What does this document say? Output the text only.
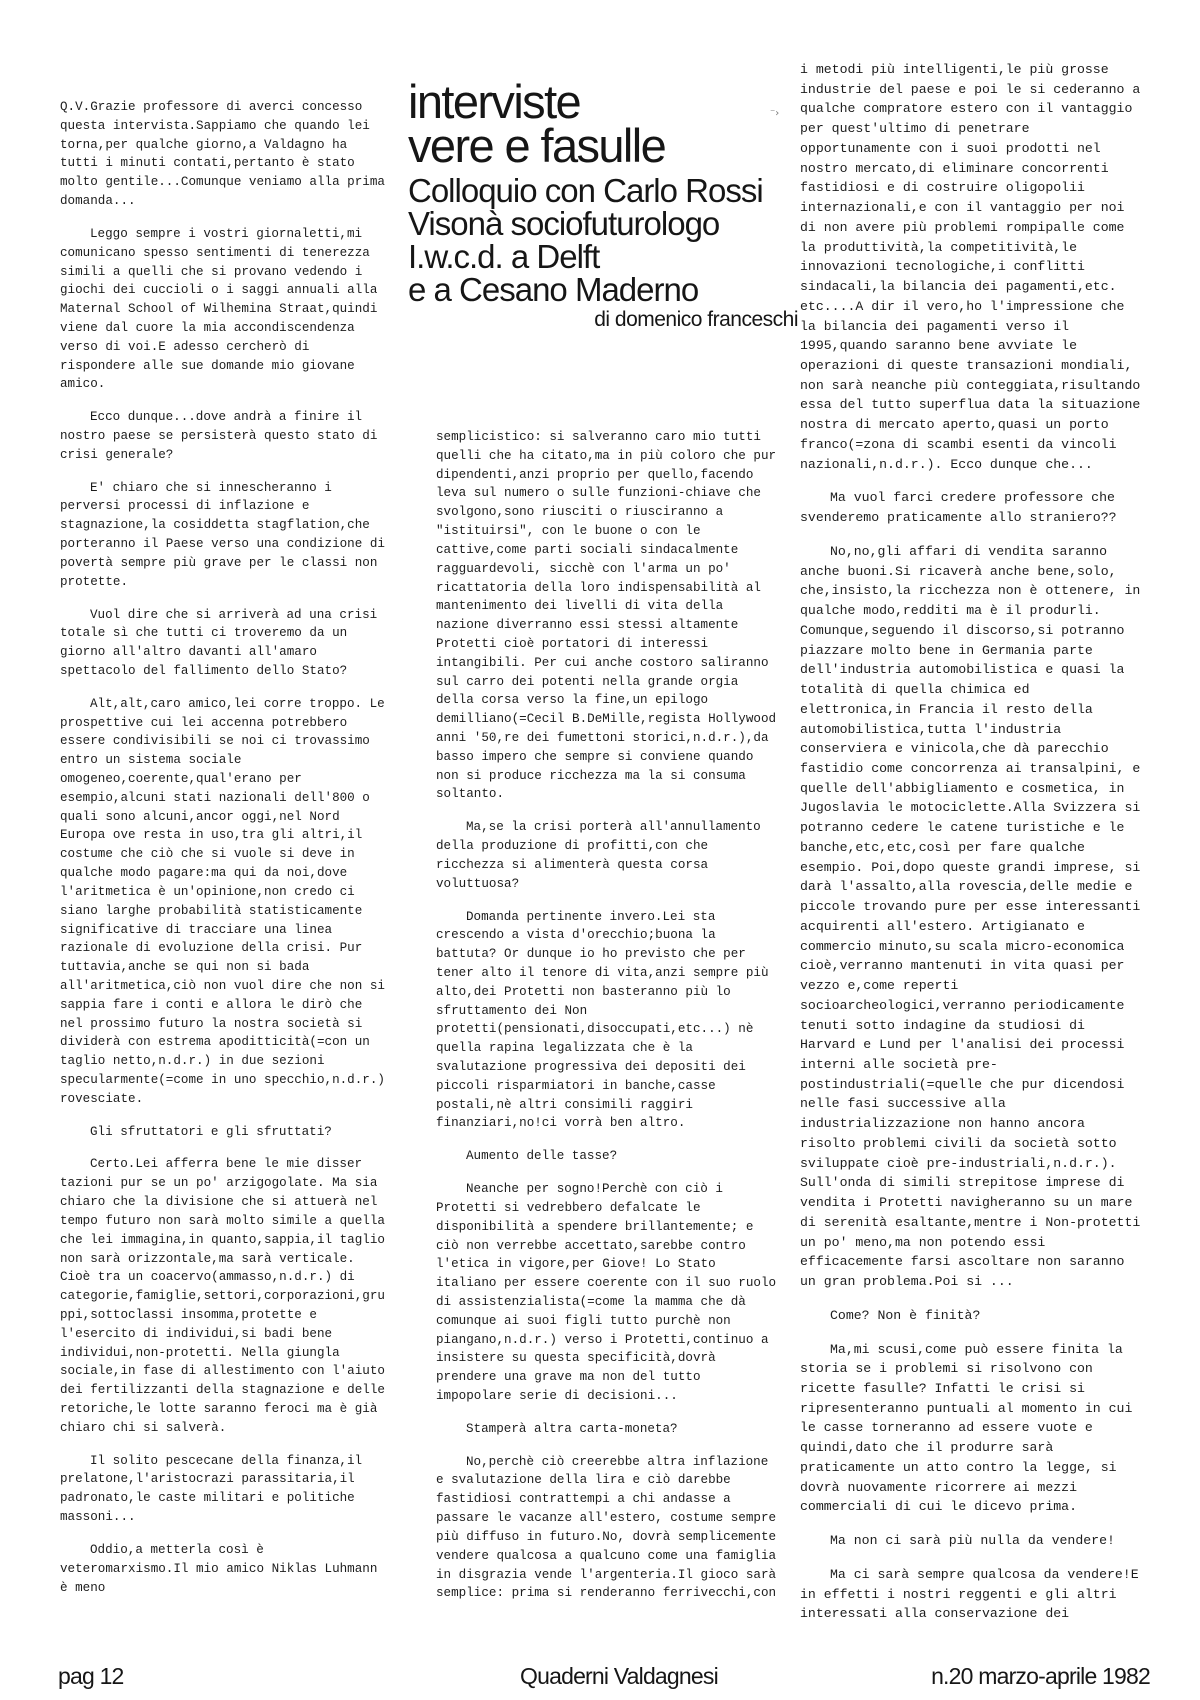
interviste
vere e fasulle
Colloquio con Carlo Rossi
Visonà sociofuturologo
I.w.c.d. a Delft
e a Cesano Maderno
⁻›
di domenico franceschi

Q.V.Grazie professore di averci concesso questa intervista.Sappiamo che quando lei torna,per qualche giorno,a Valdagno ha tutti i minuti contati,pertanto è stato molto gentile...Comunque veniamo alla prima domanda...

Leggo sempre i vostri giornaletti,mi comunicano spesso sentimenti di tenerezza simili a quelli che si provano vedendo i giochi dei cuccioli o i saggi annuali alla Maternal School of Wilhemina Straat,quindi viene dal cuore la mia accondiscendenza verso di voi.E adesso cercherò di rispondere alle sue domande mio giovane amico.

Ecco dunque...dove andrà a finire il nostro paese se persisterà questo stato di crisi generale?

E' chiaro che si innescheranno i perversi processi di inflazione e stagnazione,la cosiddetta stagflation,che porteranno il Paese verso una condizione di povertà sempre più grave per le classi non protette.

Vuol dire che si arriverà ad una crisi totale sì che tutti ci troveremo da un giorno all'altro davanti all'amaro spettacolo del fallimento dello Stato?

Alt,alt,caro amico,lei corre troppo. Le prospettive cui lei accenna potrebbero essere condivisibili se noi ci trovassimo entro un sistema sociale omogeneo,coerente,qual'erano per esempio,alcuni stati nazionali dell'800 o quali sono alcuni,ancor oggi,nel Nord Europa ove resta in uso,tra gli altri,il costume che ciò che si vuole si deve in qualche modo pagare:ma qui da noi,dove l'aritmetica è un'opinione,non credo ci siano larghe probabilità statisticamente significative di tracciare una linea razionale di evoluzione della crisi. Pur tuttavia,anche se qui non si bada all'aritmetica,ciò non vuol dire che non si sappia fare i conti e allora le dirò che nel prossimo futuro la nostra società si dividerà con estrema apoditticità(=con un taglio netto,n.d.r.) in due sezioni specularmente(=come in uno specchio,n.d.r.) rovesciate.

Gli sfruttatori e gli sfruttati?

Certo.Lei afferra bene le mie disser tazioni pur se un po' arzigogolate. Ma sia chiaro che la divisione che si attuerà nel tempo futuro non sarà molto simile a quella che lei immagina,in quanto,sappia,il taglio non sarà orizzontale,ma sarà verticale. Cioè tra un coacervo(ammasso,n.d.r.) di categorie,famiglie,settori,corporazioni,gruppi,sottoclassi insomma,protette e l'esercito di individui,si badi bene individui,non-protetti. Nella giungla sociale,in fase di allestimento con l'aiuto dei fertilizzanti della stagnazione e delle retoriche,le lotte saranno feroci ma è già chiaro chi si salverà.

Il solito pescecane della finanza,il prelatone,l'aristocrazi parassitaria,il padronato,le caste militari e politiche massoni...

Oddio,a metterla così è veteromarxismo.Il mio amico Niklas Luhmann è meno

semplicistico: si salveranno caro mio tutti quelli che ha citato,ma in più coloro che pur dipendenti,anzi proprio per quello,facendo leva sul numero o sulle funzioni-chiave che svolgono,sono riusciti o riusciranno a "istituirsi", con le buone o con le cattive,come parti sociali sindacalmente ragguardevoli, sicchè con l'arma un po' ricattatoria della loro indispensabilità al mantenimento dei livelli di vita della nazione diverranno essi stessi altamente Protetti cioè portatori di interessi intangibili. Per cui anche costoro saliranno sul carro dei potenti nella grande orgia della corsa verso la fine,un epilogo demilliano(=Cecil B.DeMille,regista Hollywood anni '50,re dei fumettoni storici,n.d.r.),da basso impero che sempre si conviene quando non si produce ricchezza ma la si consuma soltanto.

Ma,se la crisi porterà all'annullamento della produzione di profitti,con che ricchezza si alimenterà questa corsa voluttuosa?

Domanda pertinente invero.Lei sta crescendo a vista d'orecchio;buona la battuta? Or dunque io ho previsto che per tener alto il tenore di vita,anzi sempre più alto,dei Protetti non basteranno più lo sfruttamento dei Non protetti(pensionati,disoccupati,etc...) nè quella rapina legalizzata che è la svalutazione progressiva dei depositi dei piccoli risparmiatori in banche,casse postali,nè altri consimili raggiri finanziari,no!ci vorrà ben altro.

Aumento delle tasse?

Neanche per sogno!Perchè con ciò i Protetti si vedrebbero defalcate le disponibilità a spendere brillantemente; e ciò non verrebbe accettato,sarebbe contro l'etica in vigore,per Giove! Lo Stato italiano per essere coerente con il suo ruolo di assistenzialista(=come la mamma che dà comunque ai suoi figli tutto purchè non piangano,n.d.r.) verso i Protetti,continuo a insistere su questa specificità,dovrà prendere una grave ma non del tutto impopolare serie di decisioni...

Stamperà altra carta-moneta?

No,perchè ciò creerebbe altra inflazione e svalutazione della lira e ciò darebbe fastidiosi contrattempi a chi andasse a passare le vacanze all'estero, costume sempre più diffuso in futuro.No, dovrà semplicemente vendere qualcosa a qualcuno come una famiglia in disgrazia vende l'argenteria.Il gioco sarà semplice: prima si renderanno ferrivecchi,con

i metodi più intelligenti,le più grosse industrie del paese e poi le si cederanno a qualche compratore estero con il vantaggio per quest'ultimo di penetrare opportunamente con i suoi prodotti nel nostro mercato,di eliminare concorrenti fastidiosi e di costruire oligopolii internazionali,e con il vantaggio per noi di non avere più problemi rompipalle come la produttività,la competitività,le innovazioni tecnologiche,i conflitti sindacali,la bilancia dei pagamenti,etc. etc....A dir il vero,ho l'impressione che la bilancia dei pagamenti verso il 1995,quando saranno bene avviate le operazioni di queste transazioni mondiali, non sarà neanche più conteggiata,risultando essa del tutto superflua data la situazione nostra di mercato aperto,quasi un porto franco(=zona di scambi esenti da vincoli nazionali,n.d.r.). Ecco dunque che...

Ma vuol farci credere professore che svenderemo praticamente allo straniero??

No,no,gli affari di vendita saranno anche buoni.Si ricaverà anche bene,solo, che,insisto,la ricchezza non è ottenere, in qualche modo,redditi ma è il produrli. Comunque,seguendo il discorso,si potranno piazzare molto bene in Germania parte dell'industria automobilistica e quasi la totalità di quella chimica ed elettronica,in Francia il resto della automobilistica,tutta l'industria conserviera e vinicola,che dà parecchio fastidio come concorrenza ai transalpini, e quelle dell'abbigliamento e cosmetica, in Jugoslavia le motociclette.Alla Svizzera si potranno cedere le catene turistiche e le banche,etc,etc,così per fare qualche esempio. Poi,dopo queste grandi imprese, si darà l'assalto,alla rovescia,delle medie e piccole trovando pure per esse interessanti acquirenti all'estero. Artigianato e commercio minuto,su scala micro-economica cioè,verranno mantenuti in vita quasi per vezzo e,come reperti socioarcheologici,verranno periodicamente tenuti sotto indagine da studiosi di Harvard e Lund per l'analisi dei processi interni alle società pre-postindustriali(=quelle che pur dicendosi nelle fasi successive alla industrializzazione non hanno ancora risolto problemi civili da società sotto sviluppate cioè pre-industriali,n.d.r.). Sull'onda di simili strepitose imprese di vendita i Protetti navigheranno su un mare di serenità esaltante,mentre i Non-protetti un po' meno,ma non potendo essi efficacemente farsi ascoltare non saranno un gran problema.Poi si ...

Come? Non è finità?

Ma,mi scusi,come può essere finita la storia se i problemi si risolvono con ricette fasulle? Infatti le crisi si ripresenteranno puntuali al momento in cui le casse torneranno ad essere vuote e quindi,dato che il produrre sarà praticamente un atto contro la legge, si dovrà nuovamente ricorrere ai mezzi commerciali di cui le dicevo prima.

Ma non ci sarà più nulla da vendere!

Ma ci sarà sempre qualcosa da vendere!E in effetti i nostri reggenti e gli altri interessati alla conservazione dei

pag 12	Quaderni Valdagnesi	n.20 marzo-aprile 1982
